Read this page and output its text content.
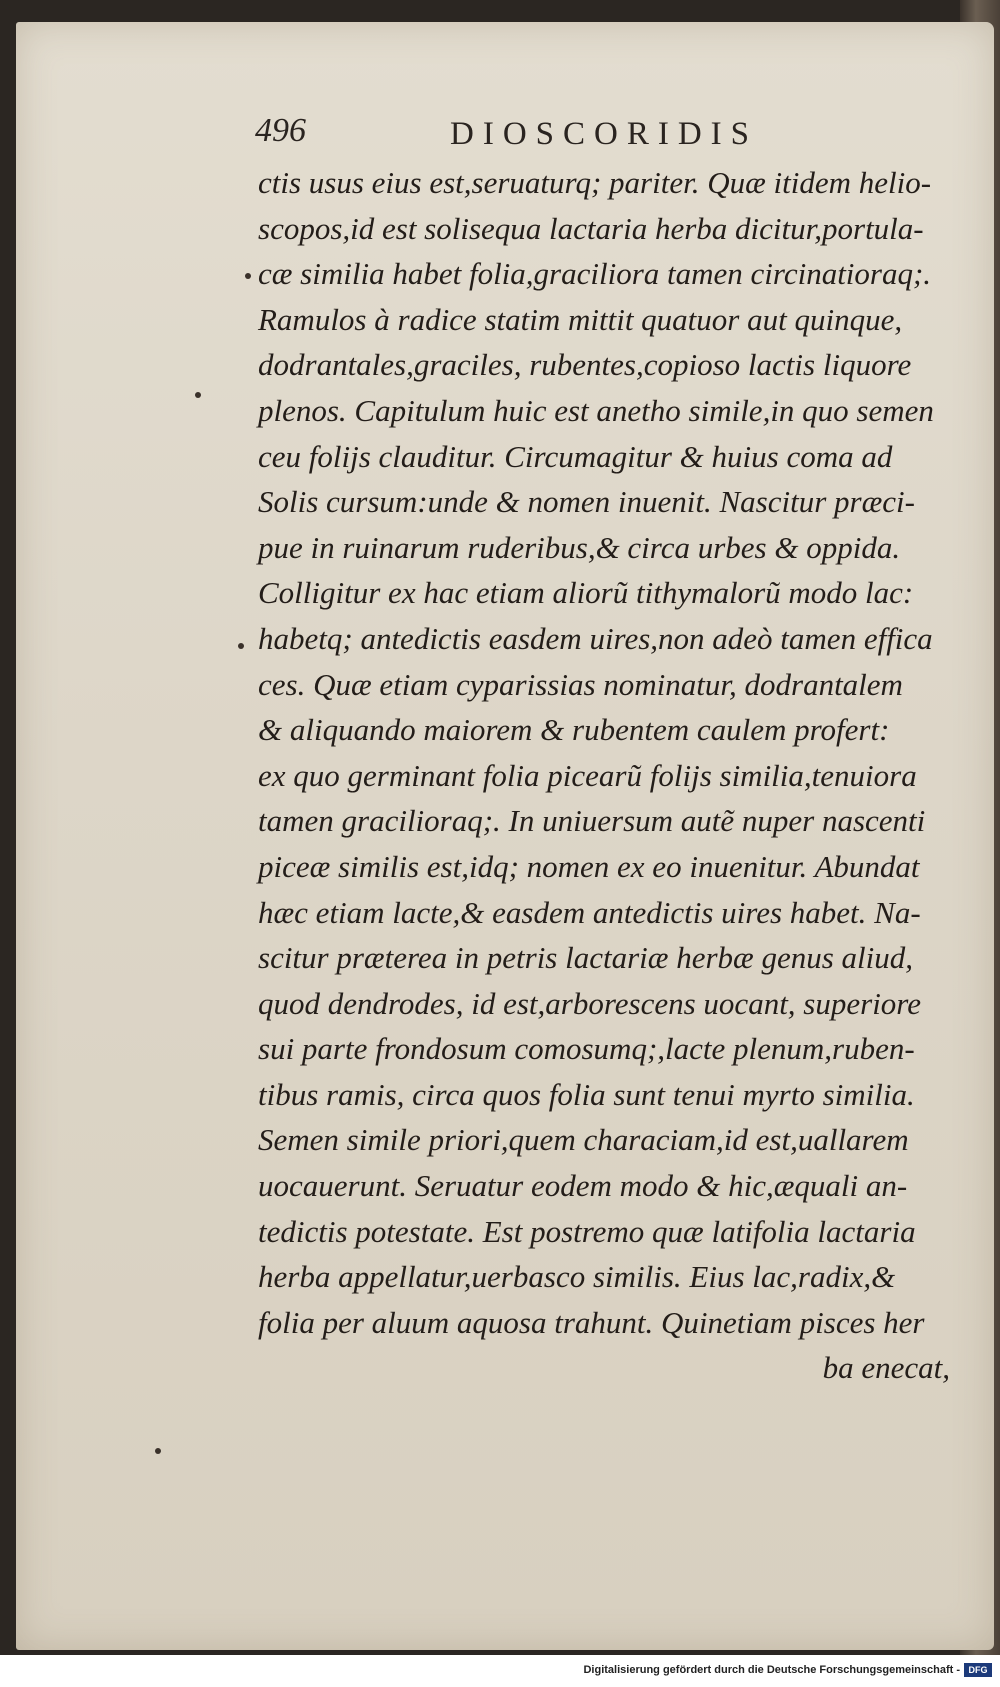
496	DIOSCORIDIS
ctis usus eius est,seruaturq; pariter. Quæ itidem helio-
scopos,id est solisequa lactaria herba dicitur,portula-
cæ similia habet folia,graciliora tamen circinatioraq;.
Ramulos à radice statim mittit quatuor aut quinque,
dodrantales,graciles, rubentes,copioso lactis liquore
plenos. Capitulum huic est anetho simile,in quo semen
ceu folijs clauditur. Circumagitur & huius coma ad
Solis cursum:unde & nomen inuenit. Nascitur præci-
pue in ruinarum ruderibus,& circa urbes & oppida.
Colligitur ex hac etiam aliorũ tithymalorũ modo lac:
habetq; antedictis easdem uires,non adeò tamen effica
ces. Quæ etiam cyparissias nominatur, dodrantalem
& aliquando maiorem & rubentem caulem profert:
ex quo germinant folia picearũ folijs similia,tenuiora
tamen gracilioraq;. In uniuersum autẽ nuper nascenti
piceæ similis est,idq; nomen ex eo inuenitur. Abundat
hæc etiam lacte,& easdem antedictis uires habet. Na-
scitur præterea in petris lactariæ herbæ genus aliud,
quod dendrodes, id est,arborescens uocant, superiore
sui parte frondosum comosumq;,lacte plenum,ruben-
tibus ramis, circa quos folia sunt tenui myrto similia.
Semen simile priori,quem characiam,id est,uallarem
uocauerunt. Seruatur eodem modo & hic,æquali an-
tedictis potestate. Est postremo quæ latifolia lactaria
herba appellatur,uerbasco similis. Eius lac,radix,&
folia per aluum aquosa trahunt. Quinetiam pisces her
ba enecat,
Digitalisierung gefördert durch die Deutsche Forschungsgemeinschaft - DFG
